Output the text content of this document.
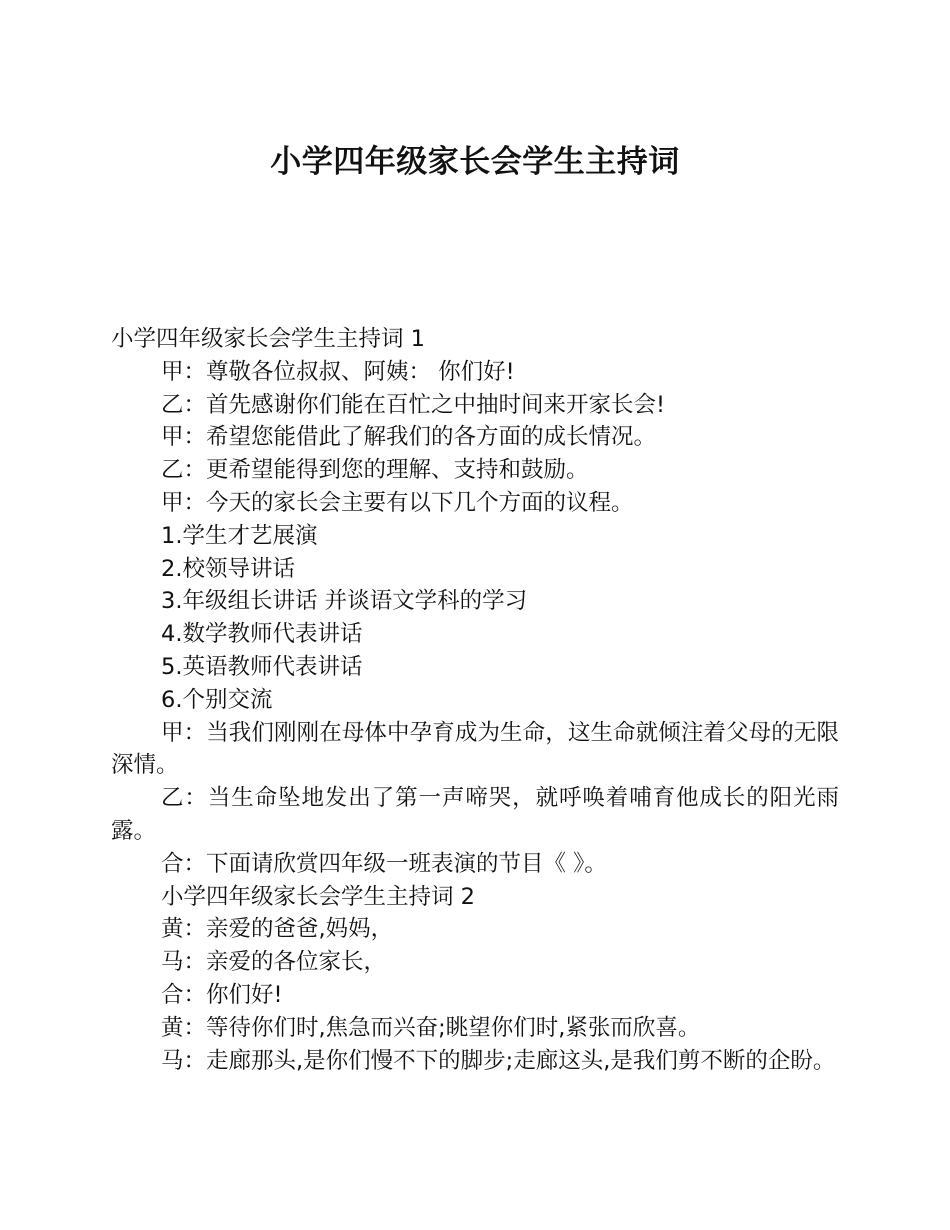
小学四年级家长会学生主持词

小学四年级家长会学生主持词 1

甲：尊敬各位叔叔、阿姨： 你们好!

乙：首先感谢你们能在百忙之中抽时间来开家长会!

甲：希望您能借此了解我们的各方面的成长情况。

乙：更希望能得到您的理解、支持和鼓励。

甲：今天的家长会主要有以下几个方面的议程。

1.学生才艺展演

2.校领导讲话

3.年级组长讲话 并谈语文学科的学习

4.数学教师代表讲话

5.英语教师代表讲话

6.个别交流

甲：当我们刚刚在母体中孕育成为生命，这生命就倾注着父母的无限深情。

乙：当生命坠地发出了第一声啼哭，就呼唤着哺育他成长的阳光雨露。

合：下面请欣赏四年级一班表演的节目《 》。

小学四年级家长会学生主持词 2

黄：亲爱的爸爸,妈妈，

马：亲爱的各位家长，

合：你们好!

黄：等待你们时,焦急而兴奋;眺望你们时,紧张而欣喜。

马：走廊那头,是你们慢不下的脚步;走廊这头,是我们剪不断的企盼。
